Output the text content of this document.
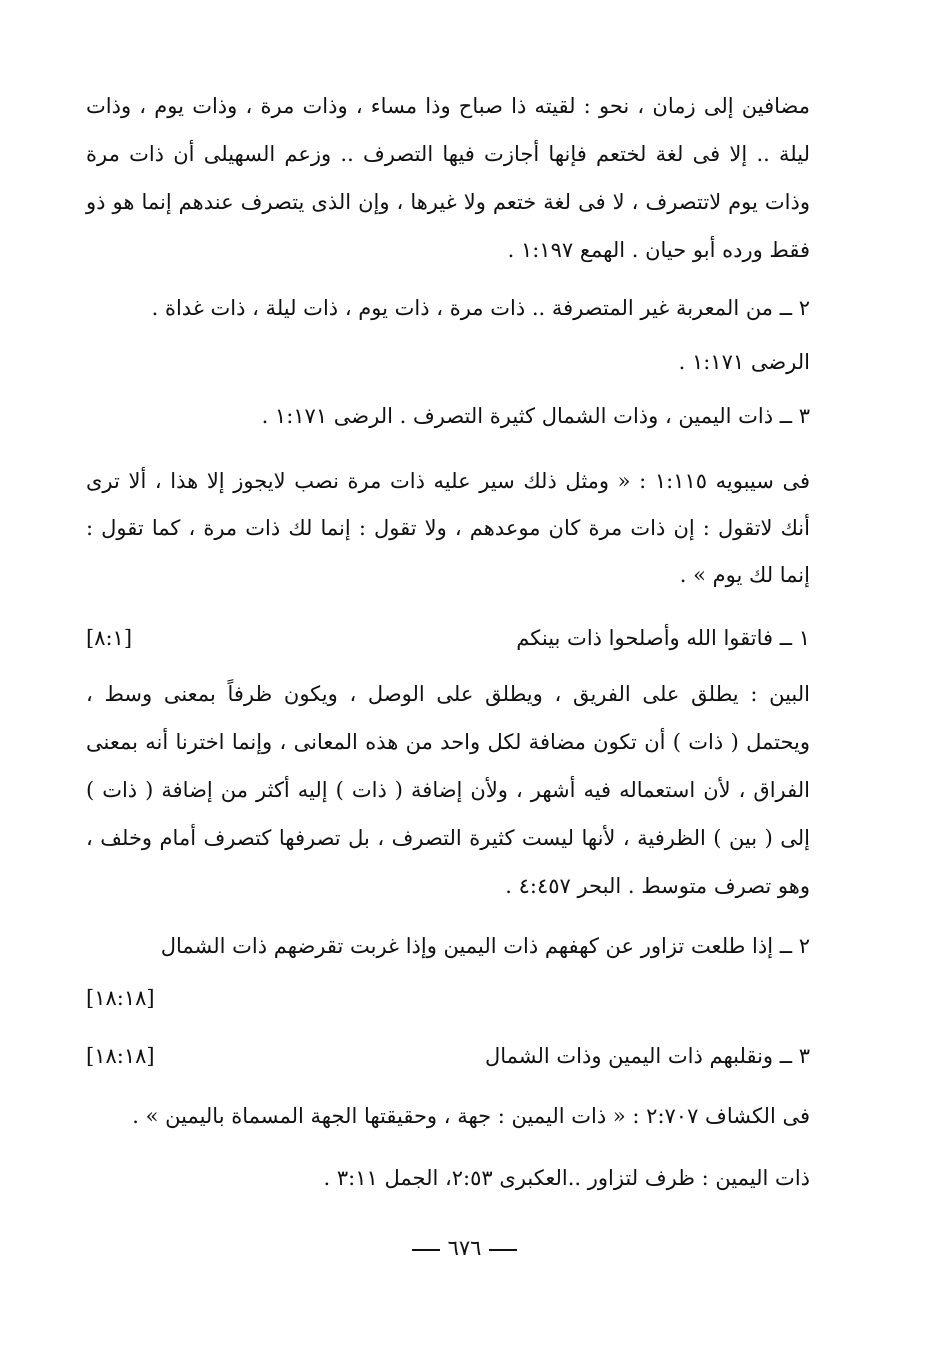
مضافين إلى زمان ، نحو : لقيته ذا صباح وذا مساء ، وذات مرة ، وذات يوم ، وذات ليلة .. إلا فى لغة لختعم فإنها أجازت فيها التصرف .. وزعم السهيلى أن ذات مرة وذات يوم لاتتصرف ، لا فى لغة ختعم ولا غيرها ، وإن الذى يتصرف عندهم إنما هو ذو فقط ورده أبو حيان . الهمع ١:١٩٧ .
٢ ــ من المعربة غير المتصرفة .. ذات مرة ، ذات يوم ، ذات ليلة ، ذات غداة .
الرضى ١:١٧١ .
٣ ــ ذات اليمين ، وذات الشمال كثيرة التصرف . الرضى ١:١٧١ .
فى سيبويه ١:١١٥ : « ومثل ذلك سير عليه ذات مرة نصب لايجوز إلا هذا ، ألا ترى أنك لاتقول : إن ذات مرة كان موعدهم ، ولا تقول : إنما لك ذات مرة ، كما تقول : إنما لك يوم » .
١ ــ فاتقوا الله وأصلحوا ذات بينكم
[٨:١]
البين : يطلق على الفريق ، ويطلق على الوصل ، ويكون ظرفاً بمعنى وسط ، ويحتمل ( ذات ) أن تكون مضافة لكل واحد من هذه المعانى ، وإنما اخترنا أنه بمعنى الفراق ، لأن استعماله فيه أشهر ، ولأن إضافة ( ذات ) إليه أكثر من إضافة ( ذات ) إلى ( بين ) الظرفية ، لأنها ليست كثيرة التصرف ، بل تصرفها كتصرف أمام وخلف ، وهو تصرف متوسط . البحر ٤:٤٥٧ .
٢ ــ إذا طلعت تزاور عن كهفهم ذات اليمين وإذا غربت تقرضهم ذات الشمال
[١٨:١٨]
٣ ــ ونقلبهم ذات اليمين وذات الشمال
[١٨:١٨]
فى الكشاف ٢:٧٠٧ : « ذات اليمين : جهة ، وحقيقتها الجهة المسماة باليمين » .
ذات اليمين : ظرف لتزاور ..العكبرى ٢:٥٣، الجمل ٣:١١ .
٦٧٦
